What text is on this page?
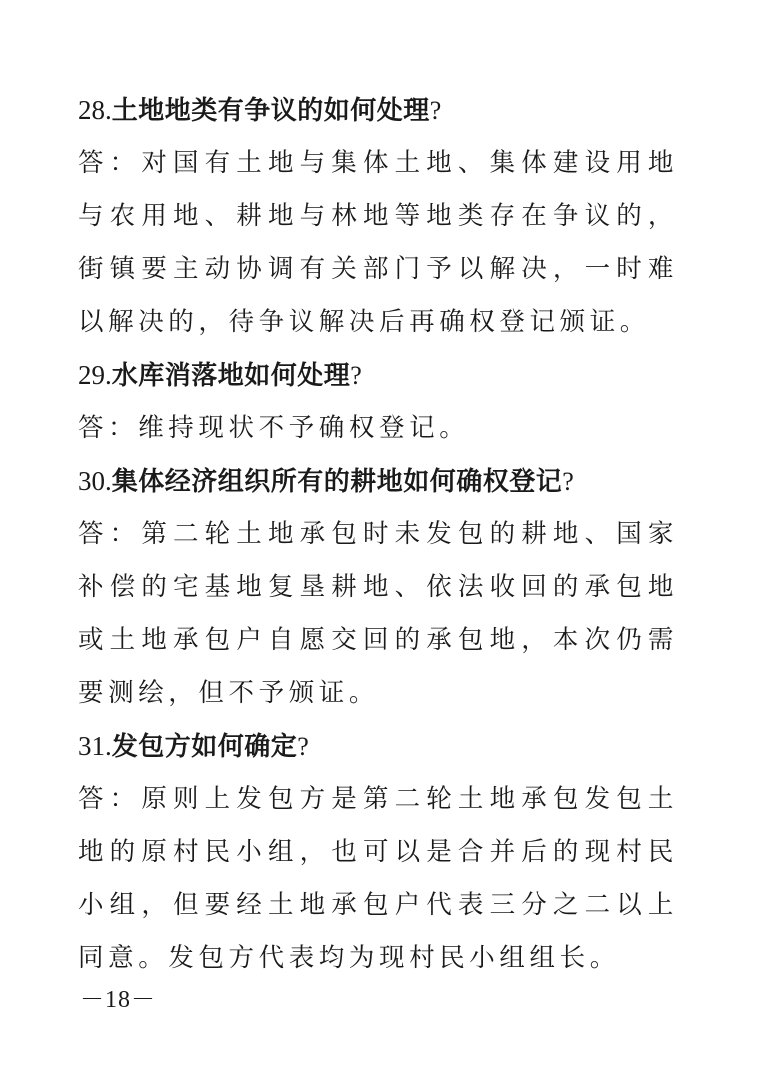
28.土地地类有争议的如何处理?
答：对国有土地与集体土地、集体建设用地与农用地、耕地与林地等地类存在争议的，街镇要主动协调有关部门予以解决，一时难以解决的，待争议解决后再确权登记颁证。
29.水库消落地如何处理?
答：维持现状不予确权登记。
30.集体经济组织所有的耕地如何确权登记?
答：第二轮土地承包时未发包的耕地、国家补偿的宅基地复垦耕地、依法收回的承包地或土地承包户自愿交回的承包地，本次仍需要测绘，但不予颁证。
31.发包方如何确定?
答：原则上发包方是第二轮土地承包发包土地的原村民小组，也可以是合并后的现村民小组，但要经土地承包户代表三分之二以上同意。发包方代表均为现村民小组组长。
－18－
